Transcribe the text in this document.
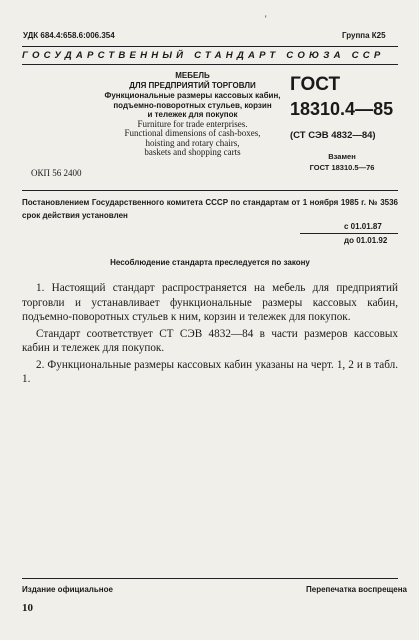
УДК 684.4:658.6:006.354
'
Группа К25
ГОСУДАРСТВЕННЫЙ СТАНДАРТ СОЮЗА ССР
МЕБЕЛЬ
ДЛЯ ПРЕДПРИЯТИЙ ТОРГОВЛИ
Функциональные размеры кассовых кабин,
подъемно-поворотных стульев, корзин
и тележек для покупок
Furniture for trade enterprises.
Functional dimensions of cash-boxes,
hoisting and rotary chairs,
baskets and shopping carts
ГОСТ
18310.4—85
(СТ СЭВ 4832—84)
Взамен
ГОСТ 18310.5—76
ОКП 56 2400
Постановлением Государственного комитета СССР по стандартам от 1 ноября 1985 г. № 3536 срок действия установлен
с 01.01.87
до 01.01.92
Несоблюдение стандарта преследуется по закону

1. Настоящий стандарт распространяется на мебель для предприятий торговли и устанавливает функциональные размеры кассовых кабин, подъемно-поворотных стульев к ним, корзин и тележек для покупок.

Стандарт соответствует СТ СЭВ 4832—84 в части размеров кассовых кабин и тележек для покупок.

2. Функциональные размеры кассовых кабин указаны на черт. 1, 2 и в табл. 1.

Издание официальное	Перепечатка воспрещена
10
